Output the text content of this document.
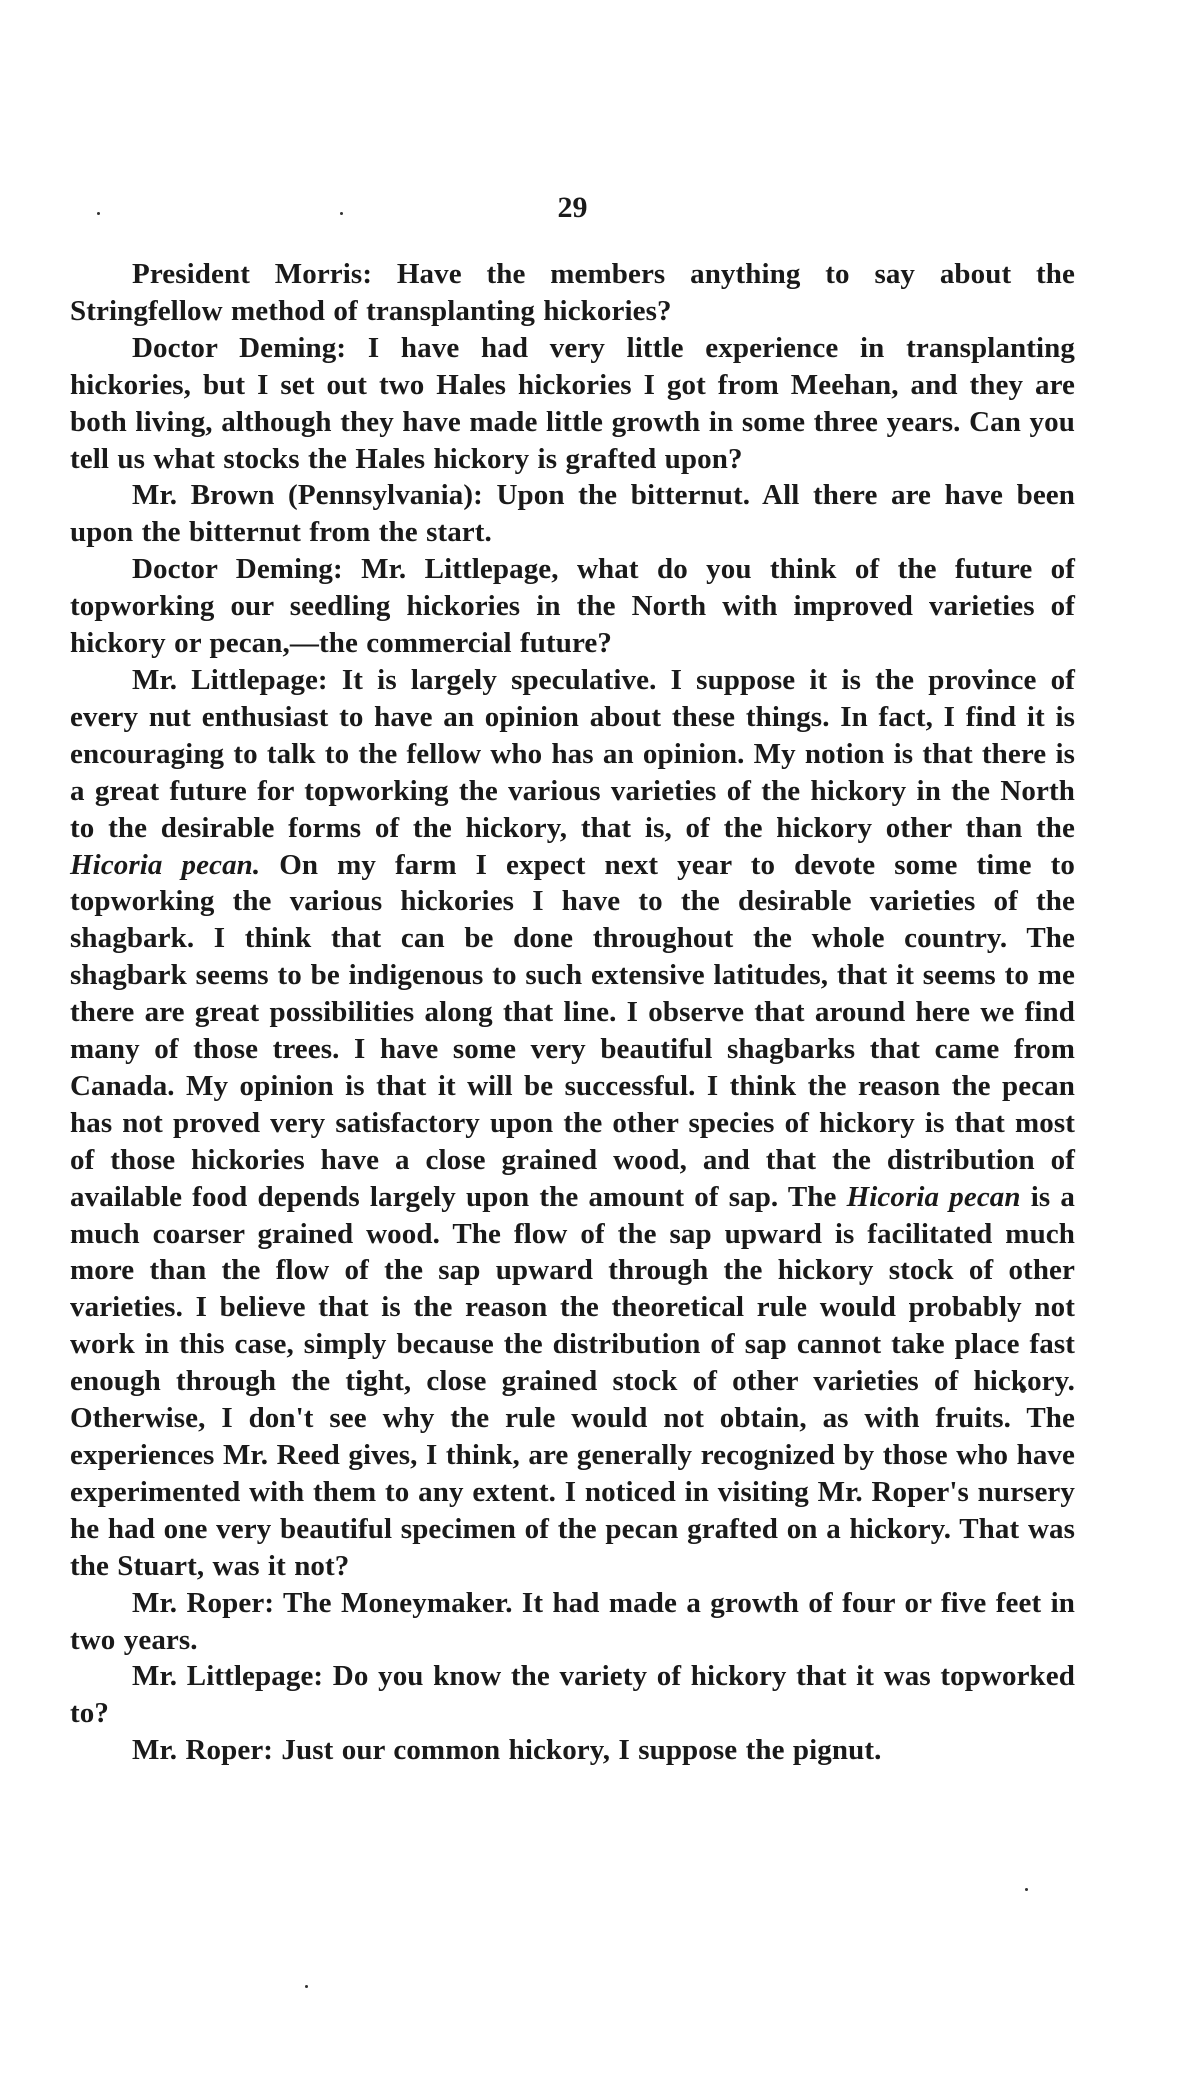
29

President Morris: Have the members anything to say about the Stringfellow method of transplanting hickories?

Doctor Deming: I have had very little experience in transplanting hickories, but I set out two Hales hickories I got from Meehan, and they are both living, although they have made little growth in some three years. Can you tell us what stocks the Hales hickory is grafted upon?

Mr. Brown (Pennsylvania): Upon the bitternut. All there are have been upon the bitternut from the start.

Doctor Deming: Mr. Littlepage, what do you think of the future of topworking our seedling hickories in the North with improved varieties of hickory or pecan,—the commercial future?

Mr. Littlepage: It is largely speculative. I suppose it is the province of every nut enthusiast to have an opinion about these things. In fact, I find it is encouraging to talk to the fellow who has an opinion. My notion is that there is a great future for topworking the various varieties of the hickory in the North to the desirable forms of the hickory, that is, of the hickory other than the Hicoria pecan. On my farm I expect next year to devote some time to topworking the various hickories I have to the desirable varieties of the shagbark. I think that can be done throughout the whole country. The shagbark seems to be indigenous to such extensive latitudes, that it seems to me there are great possibilities along that line. I observe that around here we find many of those trees. I have some very beautiful shagbarks that came from Canada. My opinion is that it will be successful. I think the reason the pecan has not proved very satisfactory upon the other species of hickory is that most of those hickories have a close grained wood, and that the distribution of available food depends largely upon the amount of sap. The Hicoria pecan is a much coarser grained wood. The flow of the sap upward is facilitated much more than the flow of the sap upward through the hickory stock of other varieties. I believe that is the reason the theoretical rule would probably not work in this case, simply because the distribution of sap cannot take place fast enough through the tight, close grained stock of other varieties of hickory. Otherwise, I don't see why the rule would not obtain, as with fruits. The experiences Mr. Reed gives, I think, are generally recognized by those who have experimented with them to any extent. I noticed in visiting Mr. Roper's nursery he had one very beautiful specimen of the pecan grafted on a hickory. That was the Stuart, was it not?

Mr. Roper: The Moneymaker. It had made a growth of four or five feet in two years.

Mr. Littlepage: Do you know the variety of hickory that it was topworked to?

Mr. Roper: Just our common hickory, I suppose the pignut.
